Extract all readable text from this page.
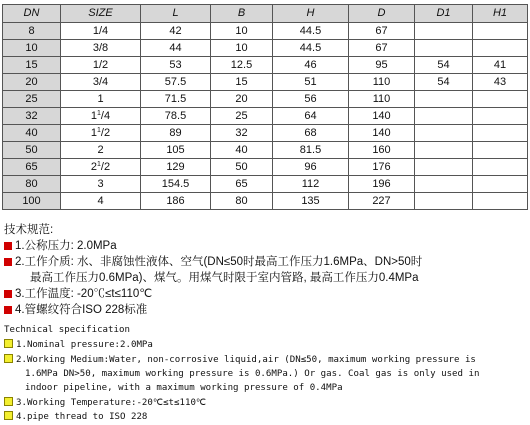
DN	SIZE	L	B	H	D	D1	H1
8	1/4	42	10	44.5	67		
10	3/8	44	10	44.5	67		
15	1/2	53	12.5	46	95	54	41
20	3/4	57.5	15	51	110	54	43
25	1	71.5	20	56	110		
32	$1^1/4$	78.5	25	64	140		
40	$1^1/2$	89	32	68	140		
50	2	105	40	81.5	160		
65	$2^1/2$	129	50	96	176		
80	3	154.5	65	112	196		
100	4	186	80	135	227		
技术规范:
1.公称压力: 2.0MPa
2.工作介质: 水、非腐蚀性液体、空气(DN≤50时最高工作压力1.6MPa、DN>50时
最高工作压力0.6MPa)、煤气。用煤气时限于室内管路, 最高工作压力0.4MPa
3.工作温度: -20℃≤t≤110℃
4.管螺纹符合ISO 228标准
Technical specification
1.Nominal pressure:2.0MPa
2.Working Medium:Water, non-corrosive liquid,air (DN≤50, maximum working pressure is
1.6MPa DN>50, maximum working pressure is 0.6MPa.) Or gas. Coal gas is only used in
indoor pipeline, with a maximum working pressure of 0.4MPa
3.Working Temperature:-20℃≤t≤110℃
4.pipe thread to ISO 228
